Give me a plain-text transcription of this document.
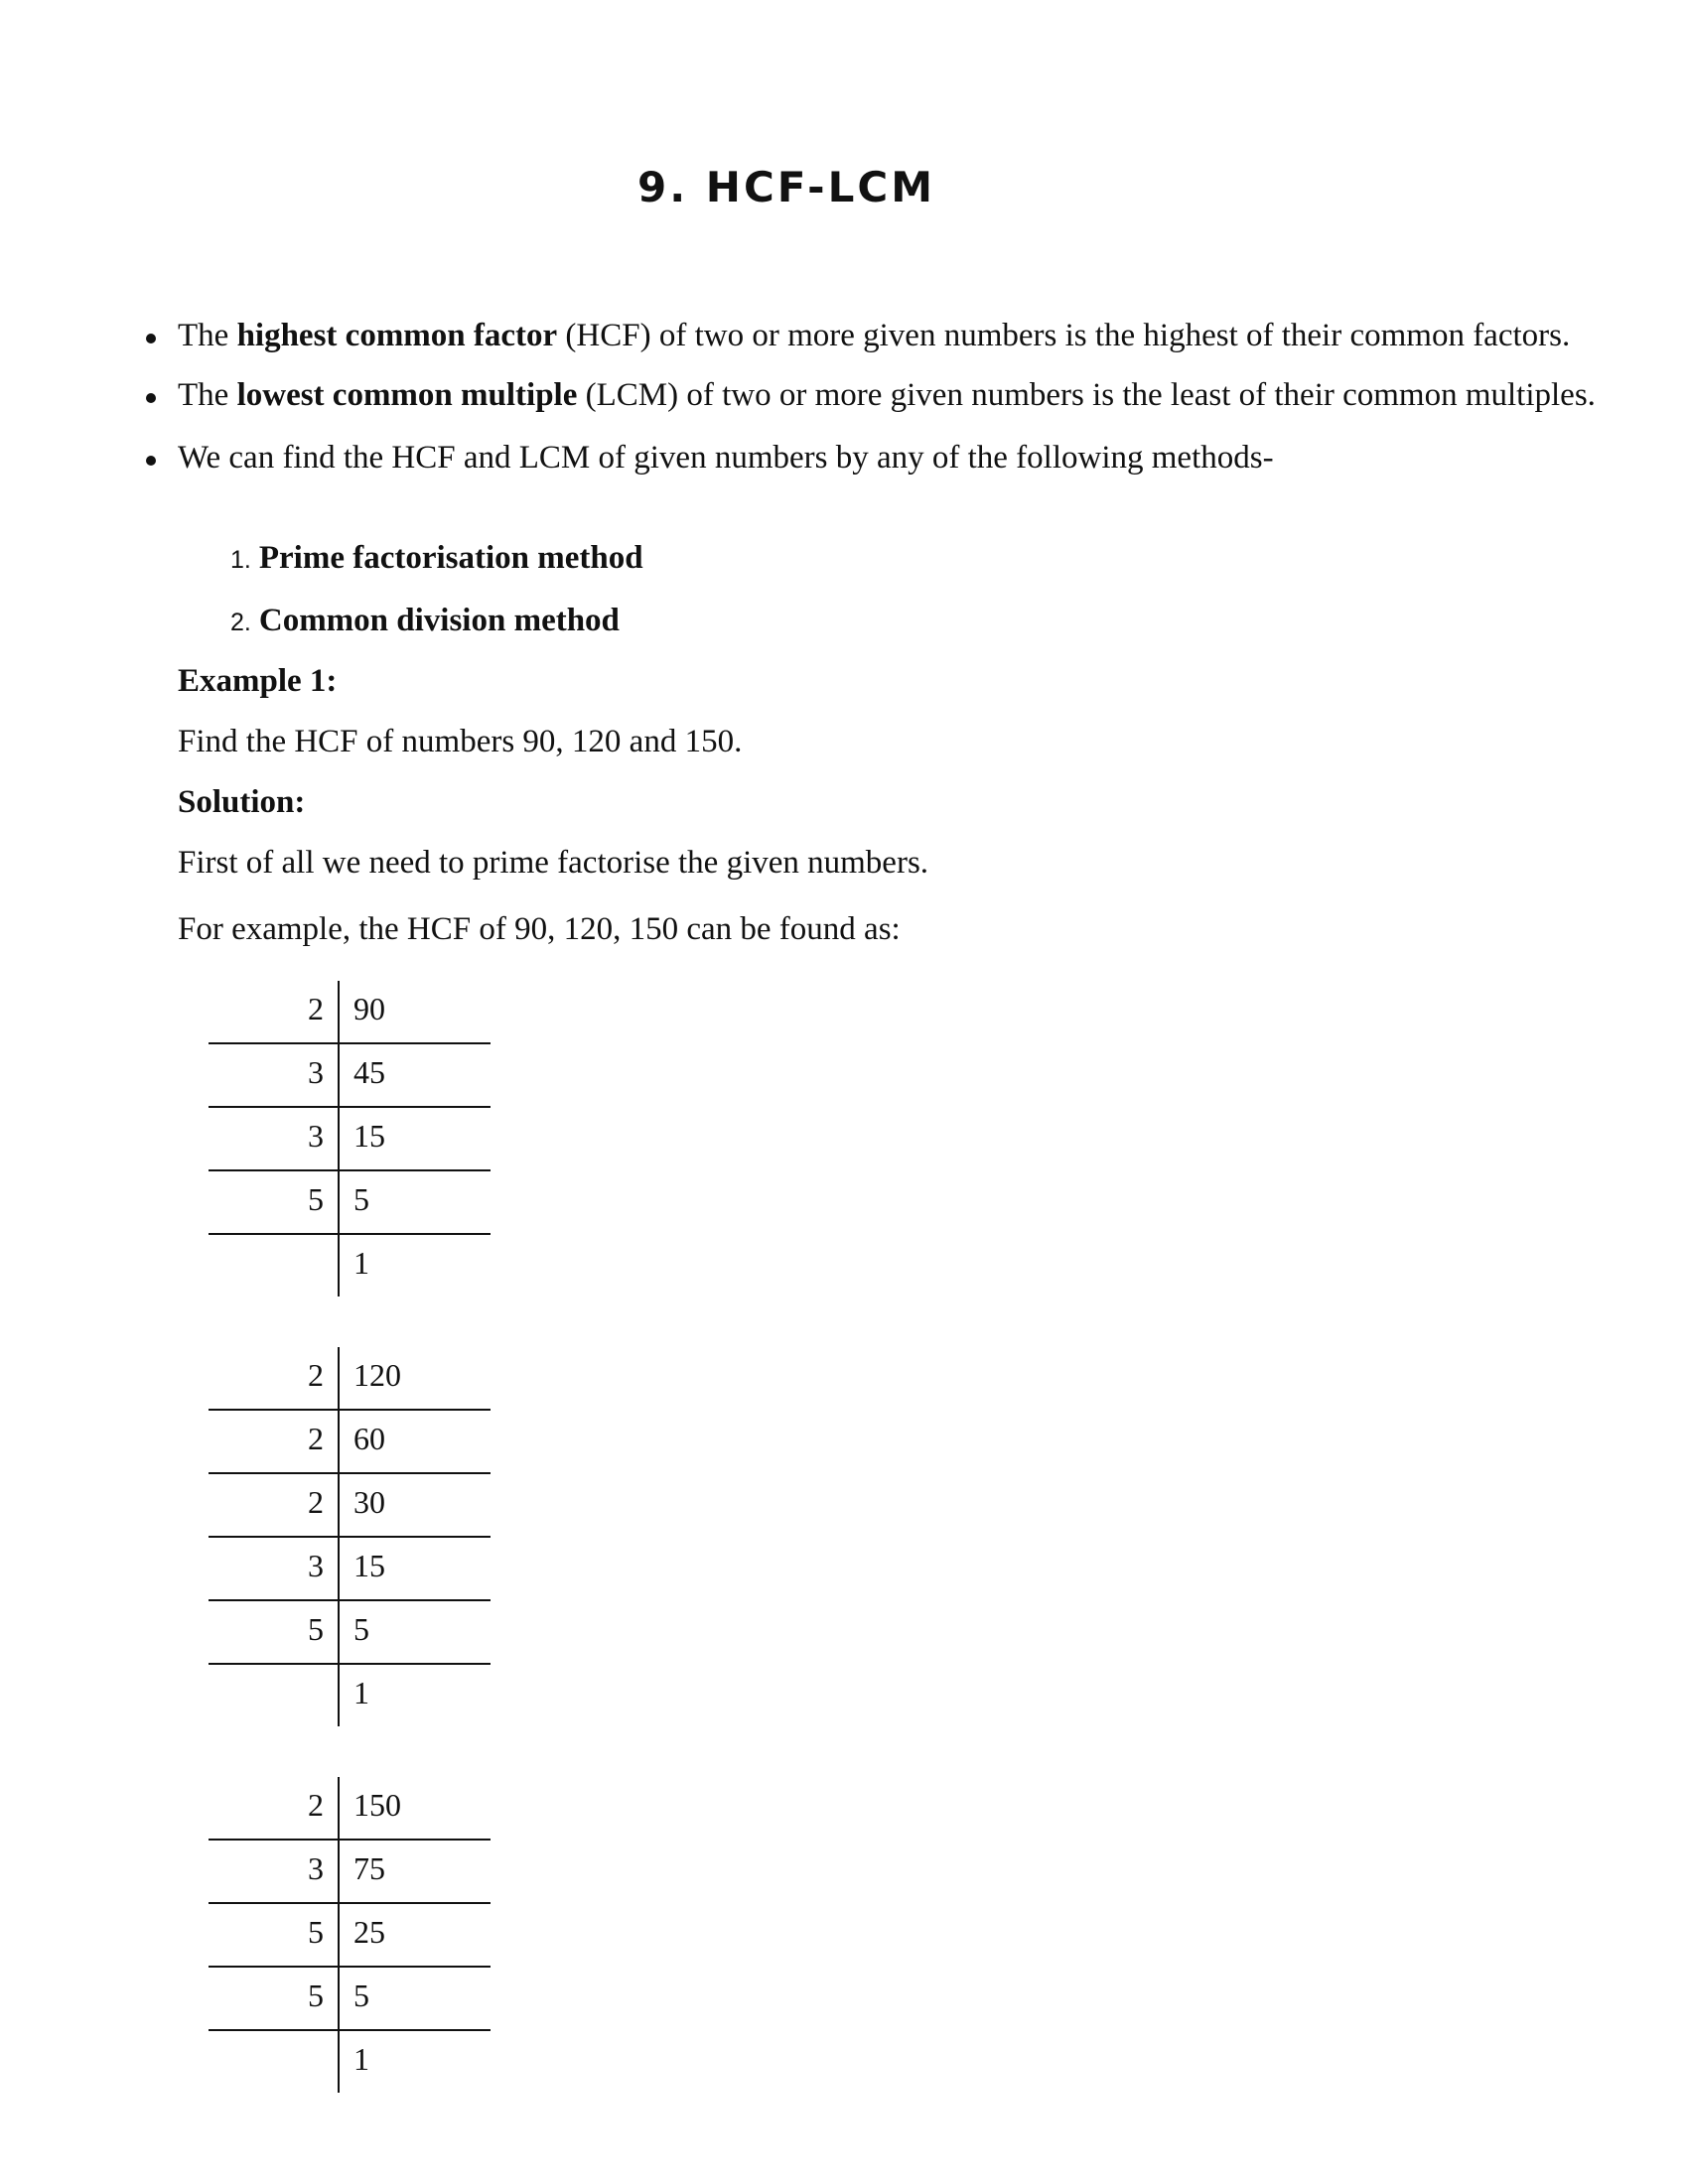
9. HCF-LCM
The highest common factor (HCF) of two or more given numbers is the highest of their common factors.
The lowest common multiple (LCM) of two or more given numbers is the least of their common multiples.
We can find the HCF and LCM of given numbers by any of the following methods-
1. Prime factorisation method
2. Common division method
Example 1:
Find the HCF of numbers 90, 120 and 150.
Solution:
First of all we need to prime factorise the given numbers.
For example, the HCF of 90, 120, 150 can be found as:
2 90
3 45
3 15
5 5
1
2 120
2 60
2 30
3 15
5 5
1
2 150
3 75
5 25
5 5
1
